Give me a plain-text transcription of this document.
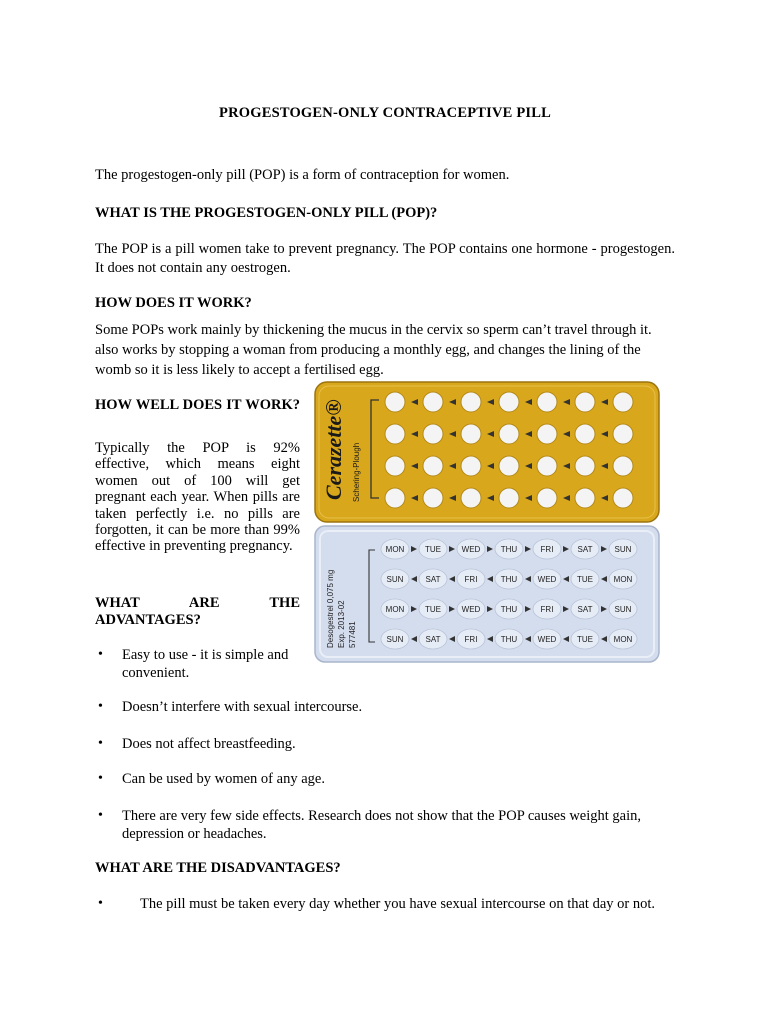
PROGESTOGEN-ONLY CONTRACEPTIVE PILL
The progestogen-only pill (POP) is a form of contraception for women.
WHAT IS THE PROGESTOGEN-ONLY PILL (POP)?
The POP is a pill women take to prevent pregnancy. The POP contains one hormone - progestogen. It does not contain any oestrogen.
HOW DOES IT WORK?
Some POPs work mainly by thickening the mucus in the cervix so sperm can’t travel through it. also works by stopping a woman from producing a monthly egg, and changes the lining of the womb so it is less likely to accept a fertilised egg.
HOW WELL DOES IT WORK?
Typically the POP is 92% effective, which means eight women out of 100 will get pregnant each year. When pills are taken perfectly i.e. no pills are forgotten, it can be more than 99% effective in preventing pregnancy.
WHAT ARE THE ADVANTAGES?
• Easy to use - it is simple and convenient.
• Doesn’t interfere with sexual intercourse.
• Does not affect breastfeeding.
• Can be used by women of any age.
• There are very few side effects. Research does not show that the POP causes weight gain, depression or headaches.
WHAT ARE THE DISADVANTAGES?
•	The pill must be taken every day whether you have sexual intercourse on that day or not.
Cerazette® Schering-Plough
Desogestrel 0,075 mg Exp. 2013-02 577481
MON	TUE	WED	THU	FRI	SAT	SUN
SUN	SAT	FRI	THU	WED	TUE	MON
MON	TUE	WED	THU	FRI	SAT	SUN
SUN	SAT	FRI	THU	WED	TUE	MON
